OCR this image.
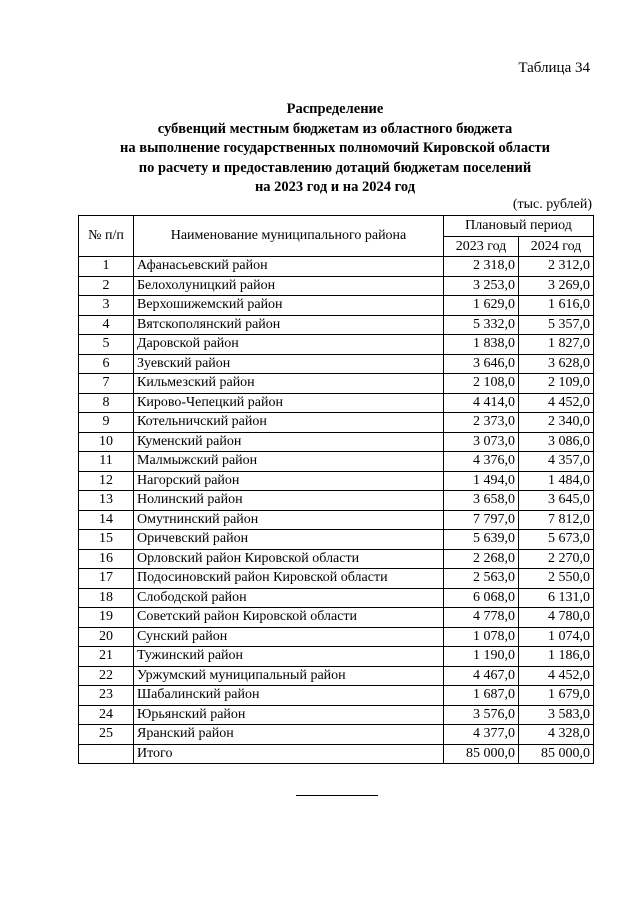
Таблица 34
Распределение
субвенций местным бюджетам из областного бюджета
на выполнение государственных полномочий Кировской области
по расчету и предоставлению дотаций бюджетам поселений
на 2023 год и на 2024 год
(тыс. рублей)
№ п/п	Наименование муниципального района	Плановый период	
		2023 год	2024 год
1	Афанасьевский район	2 318,0	2 312,0
2	Белохолуницкий район	3 253,0	3 269,0
3	Верхошижемский район	1 629,0	1 616,0
4	Вятскополянский район	5 332,0	5 357,0
5	Даровской район	1 838,0	1 827,0
6	Зуевский район	3 646,0	3 628,0
7	Кильмезский район	2 108,0	2 109,0
8	Кирово-Чепецкий район	4 414,0	4 452,0
9	Котельничский район	2 373,0	2 340,0
10	Куменский район	3 073,0	3 086,0
11	Малмыжский район	4 376,0	4 357,0
12	Нагорский район	1 494,0	1 484,0
13	Нолинский район	3 658,0	3 645,0
14	Омутнинский район	7 797,0	7 812,0
15	Оричевский район	5 639,0	5 673,0
16	Орловский район Кировской области	2 268,0	2 270,0
17	Подосиновский район Кировской области	2 563,0	2 550,0
18	Слободской район	6 068,0	6 131,0
19	Советский район Кировской области	4 778,0	4 780,0
20	Сунский район	1 078,0	1 074,0
21	Тужинский район	1 190,0	1 186,0
22	Уржумский муниципальный район	4 467,0	4 452,0
23	Шабалинский район	1 687,0	1 679,0
24	Юрьянский район	3 576,0	3 583,0
25	Яранский район	4 377,0	4 328,0
	Итого	85 000,0	85 000,0
